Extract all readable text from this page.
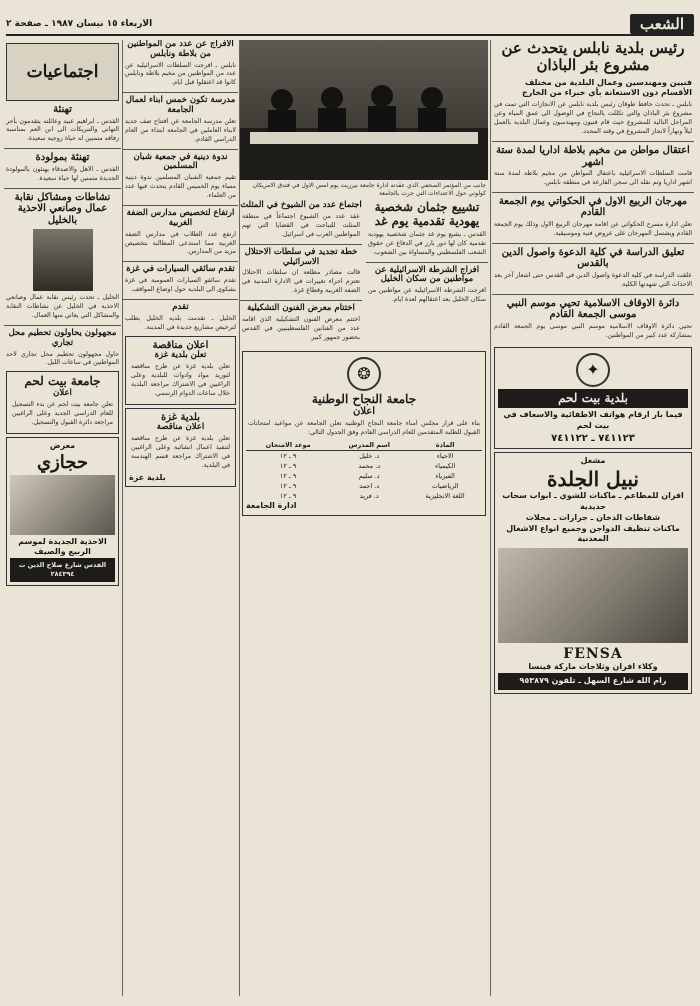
الشعب
الاربعاء ١٥ نيسان ١٩٨٧ ـ صفحة ٢
رئيس بلدية نابلس يتحدث عن مشروع بئر الباذان
فنيين ومهندسين وعمال البلدية من مختلف الأقسام دون الاستعانة بأي خبراء من الخارج
نابلس ـ تحدث حافظ طوقان رئيس بلدية نابلس عن الانجازات التي تمت في مشروع بئر الباذان والتي تكللت بالنجاح في الوصول الى عمق المياه وعن المراحل التالية للمشروع حيث قام فنيون ومهندسون وعمال البلدية بالعمل ليلاً ونهاراً لانجاز المشروع في وقته المحدد.
اعتقال مواطن من مخيم بلاطة اداريا لمدة ستة اشهر
قامت السلطات الاسرائيلية باعتقال المواطن من مخيم بلاطة لمدة ستة اشهر اداريا وتم نقله الى سجن الفارعة في منطقة نابلس.
مهرجان الربيع الاول في الحكواتي يوم الجمعة القادم
تعلن ادارة مسرح الحكواتي عن اقامة مهرجان الربيع الاول وذلك يوم الجمعة القادم ويشتمل المهرجان على عروض فنية وموسيقية.
تعليق الدراسة في كلية الدعوة واصول الدين بالقدس
علقت الدراسة في كلية الدعوة واصول الدين في القدس حتى اشعار آخر بعد الاحداث التي شهدتها الكلية.
دائرة الاوقاف الاسلامية تحيي موسم النبي موسى الجمعة القادم
تحيي دائرة الاوقاف الاسلامية موسم النبي موسى يوم الجمعة القادم بمشاركة عدد كبير من المواطنين.
✦
بلدية بيت لحم
فيما بار ارقام هواتف الاطفائية والاسعاف في بيت لحم
٧٤١١٢٣ ـ ٧٤١١٢٢
مشغل
نبيل الجلدة
افران للمطاعم ـ ماكنات للشوي ـ ابواب سحاب حديدية
شفاطات الدخان ـ جرارات ـ مجلات
ماكنات تنظيف الدواجن وجميع انواع الاشغال المعدنية
FENSA
وكلاء افران وثلاجات ماركة فينسا
رام الله شارع السهل ـ تلفون ٩٥٣٨٧٩
جانب من المؤتمر الصحفي الذي عقدته ادارة جامعة بيرزيت يوم امس الاول في فندق الامريكان كولوني حول الاعتداءات التي جرت بالجامعة
تشييع جثمان شخصية يهودية تقدمية يوم غد
القدس ـ يشيع يوم غد جثمان شخصية يهودية تقدمية كان لها دور بارز في الدفاع عن حقوق الشعب الفلسطيني والمساواة بين الشعوب.
افراج الشرطة الاسرائيلية عن مواطنين من سكان الخليل
افرجت الشرطة الاسرائيلية عن مواطنين من سكان الخليل بعد اعتقالهم لعدة ايام.
اجتماع عدد من الشيوخ في المثلث
عقد عدد من الشيوخ اجتماعاً في منطقة المثلث للتباحث في القضايا التي تهم المواطنين العرب في اسرائيل.
خطة تجديد في سلطات الاحتلال الاسرائيلي
قالت مصادر مطلعة ان سلطات الاحتلال تعتزم اجراء تغييرات في الادارة المدنية في الضفة الغربية وقطاع غزة.
اختتام معرض الفنون التشكيلية
اختتم معرض الفنون التشكيلية الذي اقامه عدد من الفنانين الفلسطينيين في القدس بحضور جمهور كبير.
❂
جامعة النجاح الوطنية
اعلان
بناء على قرار مجلس امناء جامعة النجاح الوطنية تعلن الجامعة عن مواعيد امتحانات القبول للطلبة المتقدمين للعام الدراسي القادم وفق الجدول التالي:
المادة	اسم المدرس	موعد الامتحان
الاحياء	د. خليل	٩ ـ ١٢
الكيمياء	د. محمد	٩ ـ ١٢
الفيزياء	د. سليم	٩ ـ ١٢
الرياضيات	د. احمد	٩ ـ ١٢
اللغة الانجليزية	د. فريد	٩ ـ ١٢
ادارة الجامعة
الافراج عن عدد من المواطنين من بلاطة ونابلس
نابلس ـ افرجت السلطات الاسرائيلية عن عدد من المواطنين من مخيم بلاطة ونابلس كانوا قد اعتقلوا قبل ايام.
مدرسة تكون خمس ابناء لعمال الجامعة
تعلن مدرسة الجامعة عن افتتاح صف جديد لابناء العاملين في الجامعة ابتداء من العام الدراسي القادم.
ندوة دينية في جمعية شبان المسلمين
تقيم جمعية الشبان المسلمين ندوة دينية مساء يوم الخميس القادم يتحدث فيها عدد من العلماء.
ارتفاع لتخصيص مدارس الضفة الغربية
ارتفع عدد الطلاب في مدارس الضفة الغربية مما استدعى المطالبة بتخصيص مزيد من المدارس.
تقدم سائقي السيارات في غزة
تقدم سائقو السيارات العمومية في غزة بشكوى الى البلدية حول اوضاع المواقف.
تقدم
الخليل ـ تقدمت بلدية الخليل بطلب لترخيص مشاريع جديدة في المدينة.
اعلان مناقصة
تعلن بلدية غزة
تعلن بلدية غزة عن طرح مناقصة لتوريد مواد وادوات للبلدية وعلى الراغبين في الاشتراك مراجعة البلدية خلال ساعات الدوام الرسمي.
بلدية غزة
اعلان مناقصة
تعلن بلدية غزة عن طرح مناقصة لتنفيذ اعمال انشائية وعلى الراغبين في الاشتراك مراجعة قسم الهندسة في البلدية.
بلدية غزة
اجتماعيات
تهنئة
القدس ـ ابراهيم عبيد وعائلته يتقدمون بأحر التهاني والتبريكات الى ابن العم بمناسبة زفافه متمنين له حياة زوجية سعيدة.
تهنئة بمولودة
القدس ـ الاهل والاصدقاء يهنئون بالمولودة الجديدة متمنين لها حياة سعيدة.
نشاطات ومشاكل نقابة عمال وصانعي الاحذية بالخليل
الخليل ـ تحدث رئيس نقابة عمال وصانعي الاحذية في الخليل عن نشاطات النقابة والمشاكل التي يعاني منها العمال.
مجهولون يحاولون تحطيم محل تجاري
حاول مجهولون تحطيم محل تجاري لاحد المواطنين في ساعات الليل.
جامعة بيت لحم
اعلان
تعلن جامعة بيت لحم عن بدء التسجيل للعام الدراسي الجديد وعلى الراغبين مراجعة دائرة القبول والتسجيل.
معرض
حجازي
الاحذية الجديدة لموسم الربيع والصيف
القدس شارع صلاح الدين ت ٢٨٤٣٩٤
